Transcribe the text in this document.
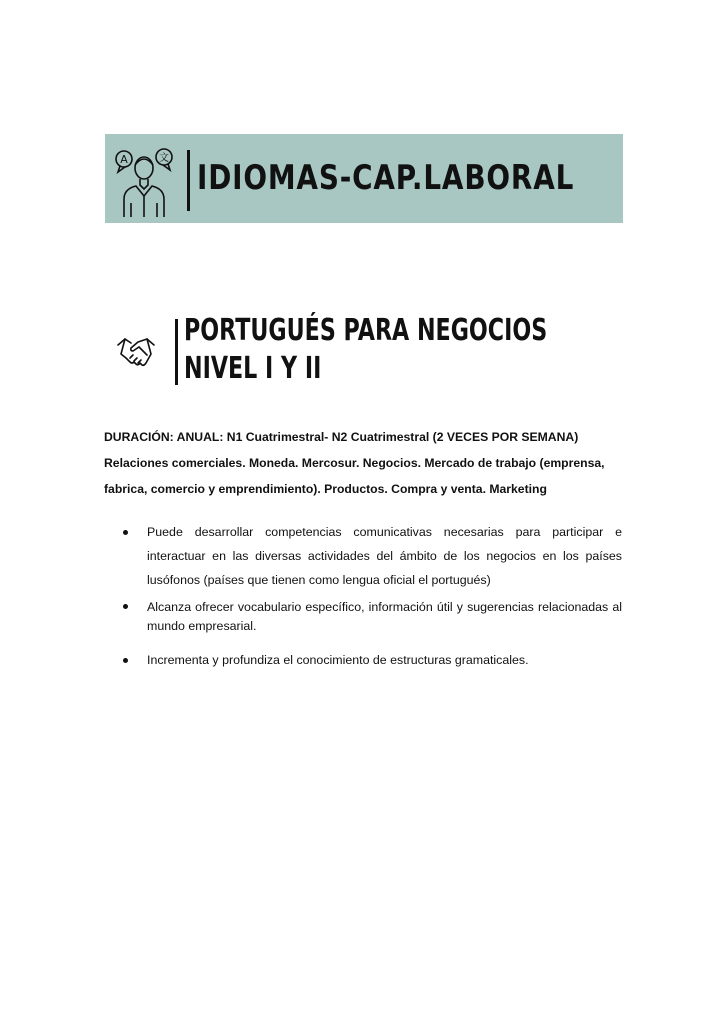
A	文 IDIOMAS-CAP.LABORAL
PORTUGUÉS PARA NEGOCIOS
NIVEL I Y II
DURACIÓN: ANUAL: N1 Cuatrimestral- N2 Cuatrimestral (2 VECES POR SEMANA)
Relaciones comerciales. Moneda. Mercosur. Negocios. Mercado de trabajo (emprensa,
fabrica, comercio y emprendimiento). Productos. Compra y venta. Marketing
Puede desarrollar competencias comunicativas necesarias para participar e interactuar en las diversas actividades del ámbito de los negocios en los países lusófonos (países que tienen como lengua oficial el portugués)
Alcanza ofrecer vocabulario específico, información útil y sugerencias relacionadas al mundo empresarial.
Incrementa y profundiza el conocimiento de estructuras gramaticales.
